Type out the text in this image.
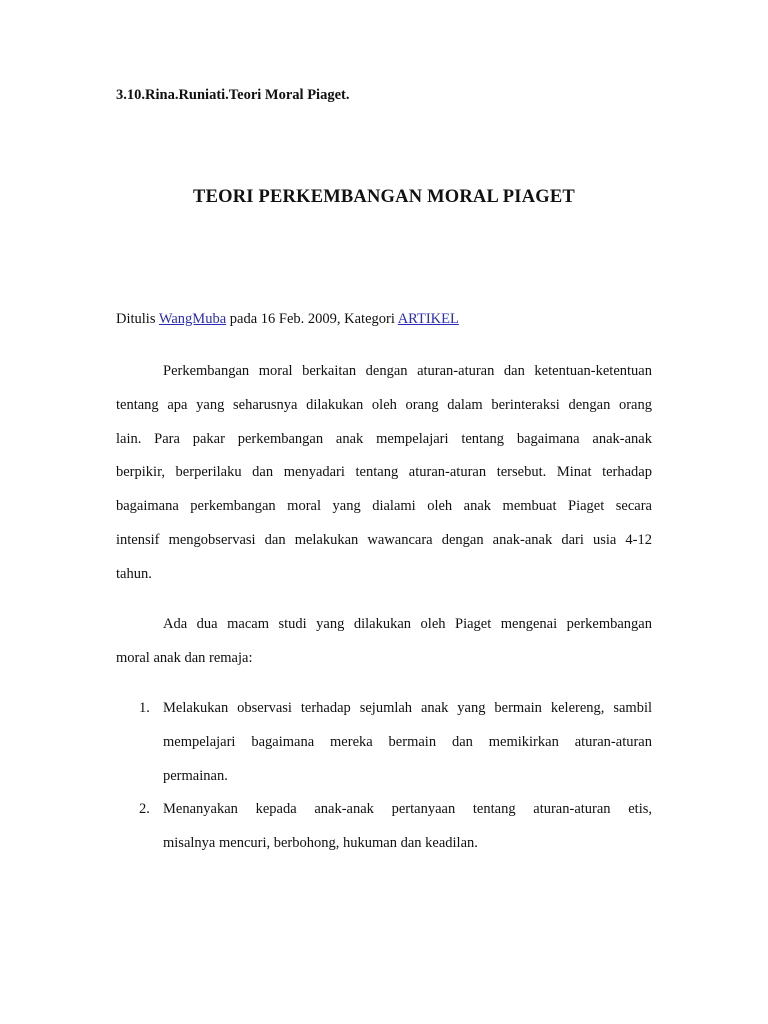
3.10.Rina.Runiati.Teori Moral Piaget.
TEORI PERKEMBANGAN MORAL PIAGET
Ditulis WangMuba pada 16 Feb. 2009, Kategori ARTIKEL
Perkembangan moral berkaitan dengan aturan-aturan dan ketentuan-ketentuan
tentang apa yang seharusnya dilakukan oleh orang dalam berinteraksi dengan orang
lain. Para pakar perkembangan anak mempelajari tentang bagaimana anak-anak
berpikir, berperilaku dan menyadari tentang aturan-aturan tersebut. Minat terhadap
bagaimana perkembangan moral yang dialami oleh anak membuat Piaget secara
intensif mengobservasi dan melakukan wawancara dengan anak-anak dari usia 4-12
tahun.
Ada dua macam studi yang dilakukan oleh Piaget mengenai perkembangan
moral anak dan remaja:
1. Melakukan observasi terhadap sejumlah anak yang bermain kelereng, sambil
mempelajari bagaimana mereka bermain dan memikirkan aturan-aturan
permainan.
2. Menanyakan kepada anak-anak pertanyaan tentang aturan-aturan etis,
misalnya mencuri, berbohong, hukuman dan keadilan.
